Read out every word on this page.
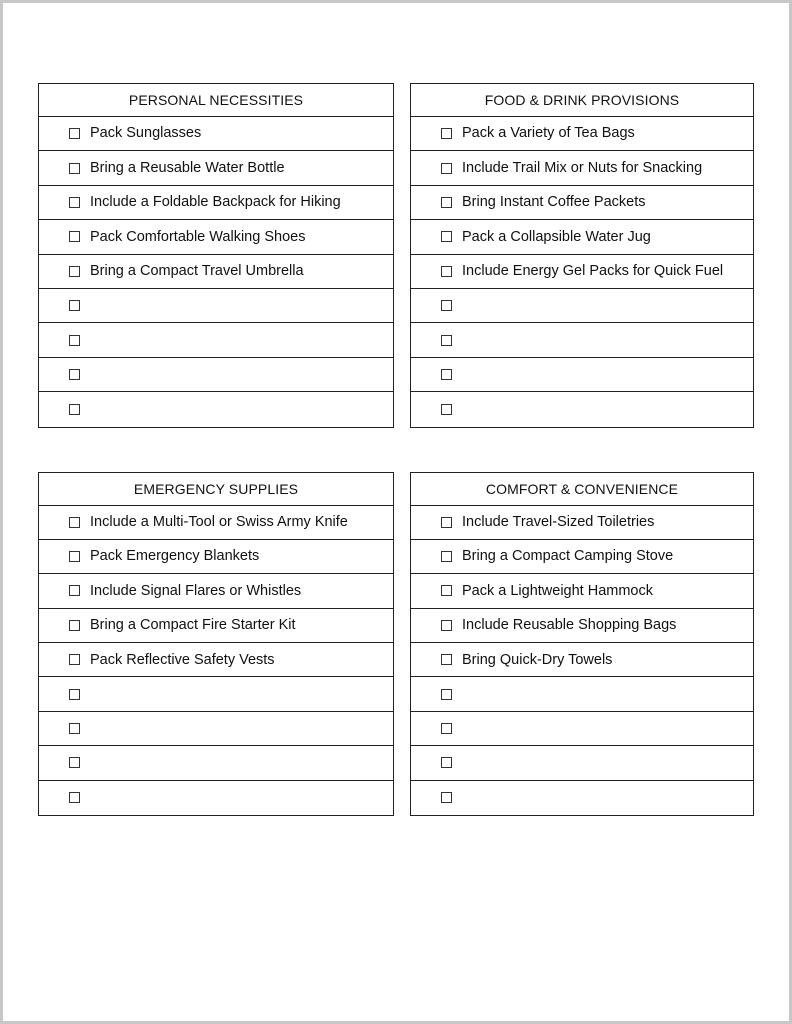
PERSONAL NECESSITIES
Pack Sunglasses
Bring a Reusable Water Bottle
Include a Foldable Backpack for Hiking
Pack Comfortable Walking Shoes
Bring a Compact Travel Umbrella
FOOD & DRINK PROVISIONS
Pack a Variety of Tea Bags
Include Trail Mix or Nuts for Snacking
Bring Instant Coffee Packets
Pack a Collapsible Water Jug
Include Energy Gel Packs for Quick Fuel
EMERGENCY SUPPLIES
Include a Multi-Tool or Swiss Army Knife
Pack Emergency Blankets
Include Signal Flares or Whistles
Bring a Compact Fire Starter Kit
Pack Reflective Safety Vests
COMFORT & CONVENIENCE
Include Travel-Sized Toiletries
Bring a Compact Camping Stove
Pack a Lightweight Hammock
Include Reusable Shopping Bags
Bring Quick-Dry Towels
